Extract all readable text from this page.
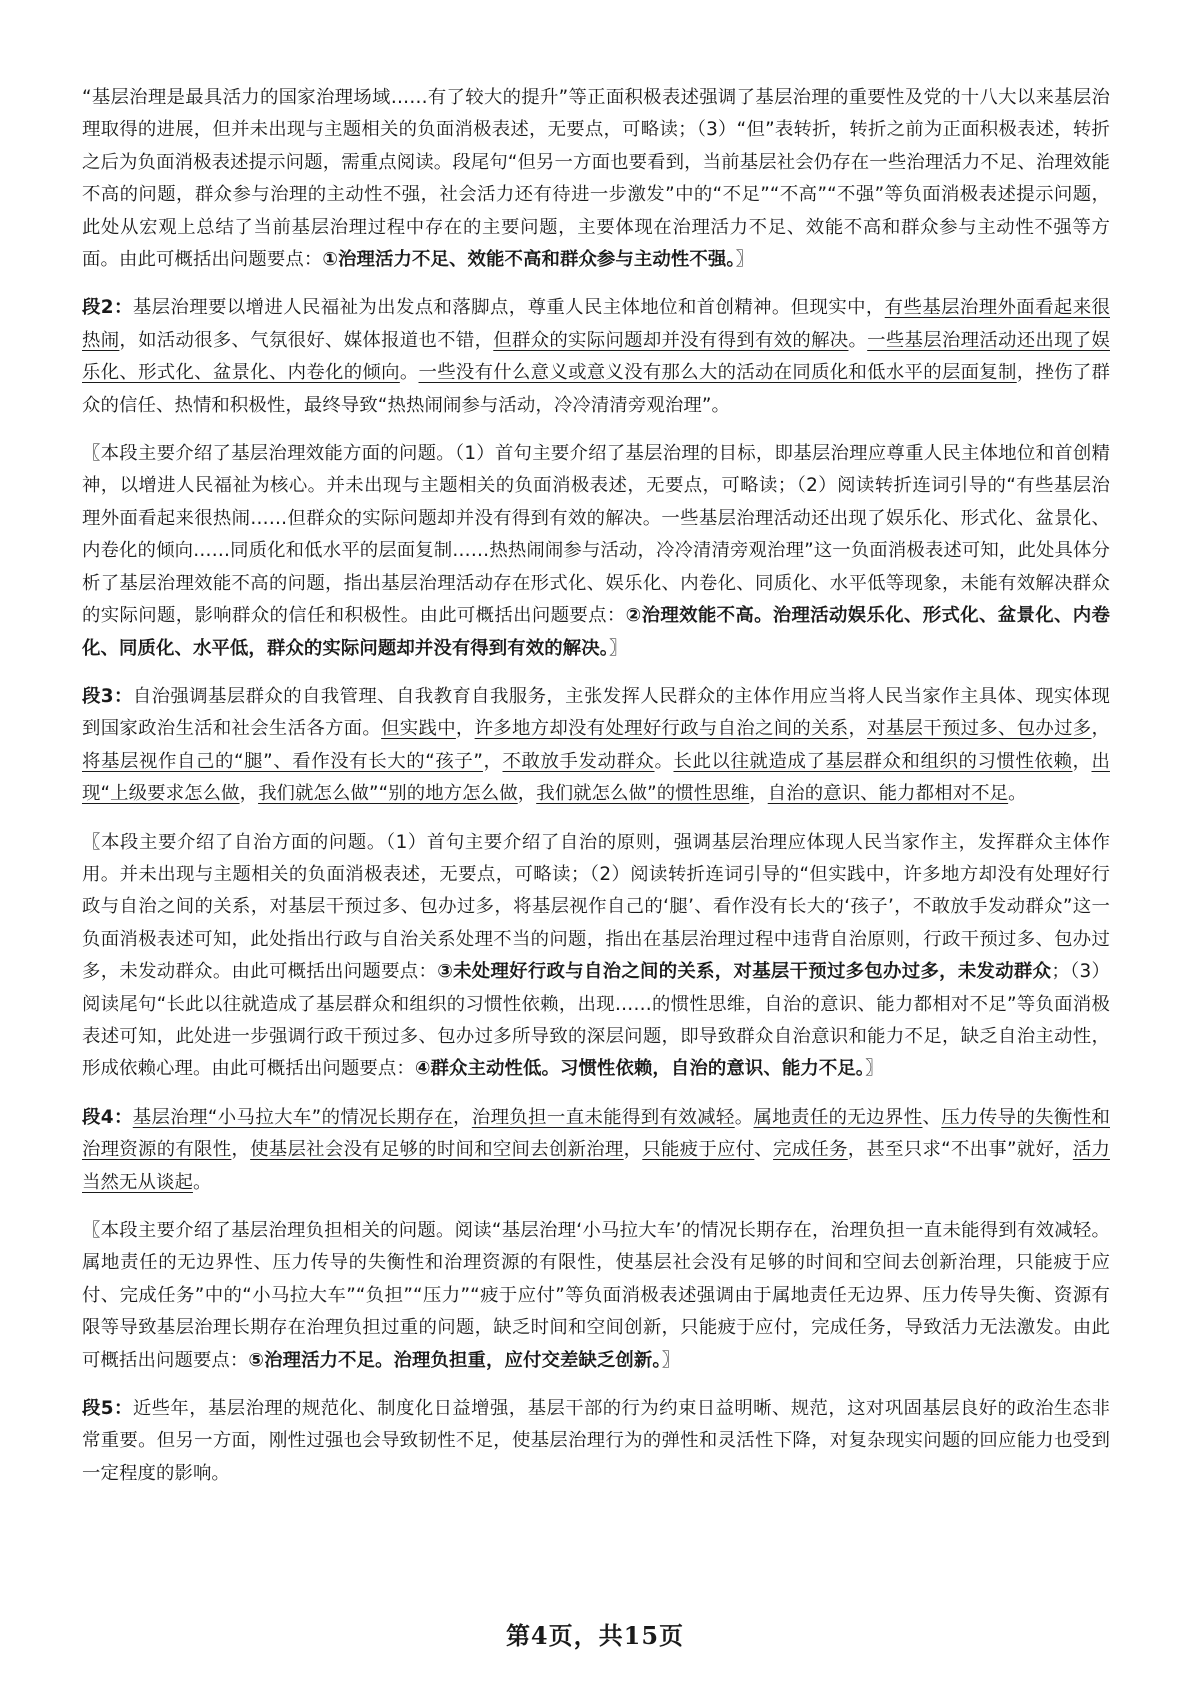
“基层治理是最具活力的国家治理场域……有了较大的提升”等正面积极表述强调了基层治理的重要性及党的十八大以来基层治理取得的进展，但并未出现与主题相关的负面消极表述，无要点，可略读；（3）“但”表转折，转折之前为正面积极表述，转折之后为负面消极表述提示问题，需重点阅读。段尾句“但另一方面也要看到，当前基层社会仍存在一些治理活力不足、治理效能不高的问题，群众参与治理的主动性不强，社会活力还有待进一步激发”中的“不足”“不高”“不强”等负面消极表述提示问题，此处从宏观上总结了当前基层治理过程中存在的主要问题，主要体现在治理活力不足、效能不高和群众参与主动性不强等方面。由此可概括出问题要点：①治理活力不足、效能不高和群众参与主动性不强。〗

段2：基层治理要以增进人民福祉为出发点和落脚点，尊重人民主体地位和首创精神。但现实中，有些基层治理外面看起来很热闹，如活动很多、气氛很好、媒体报道也不错，但群众的实际问题却并没有得到有效的解决。一些基层治理活动还出现了娱乐化、形式化、盆景化、内卷化的倾向。一些没有什么意义或意义没有那么大的活动在同质化和低水平的层面复制，挫伤了群众的信任、热情和积极性，最终导致“热热闹闹参与活动，冷冷清清旁观治理”。

〖本段主要介绍了基层治理效能方面的问题。（1）首句主要介绍了基层治理的目标，即基层治理应尊重人民主体地位和首创精神，以增进人民福祉为核心。并未出现与主题相关的负面消极表述，无要点，可略读；（2）阅读转折连词引导的“有些基层治理外面看起来很热闹……但群众的实际问题却并没有得到有效的解决。一些基层治理活动还出现了娱乐化、形式化、盆景化、内卷化的倾向……同质化和低水平的层面复制……热热闹闹参与活动，冷冷清清旁观治理”这一负面消极表述可知，此处具体分析了基层治理效能不高的问题，指出基层治理活动存在形式化、娱乐化、内卷化、同质化、水平低等现象，未能有效解决群众的实际问题，影响群众的信任和积极性。由此可概括出问题要点：②治理效能不高。治理活动娱乐化、形式化、盆景化、内卷化、同质化、水平低，群众的实际问题却并没有得到有效的解决。〗

段3：自治强调基层群众的自我管理、自我教育自我服务，主张发挥人民群众的主体作用应当将人民当家作主具体、现实体现到国家政治生活和社会生活各方面。但实践中，许多地方却没有处理好行政与自治之间的关系，对基层干预过多、包办过多，将基层视作自己的“腿”、看作没有长大的“孩子”，不敢放手发动群众。长此以往就造成了基层群众和组织的习惯性依赖，出现“上级要求怎么做，我们就怎么做”“别的地方怎么做，我们就怎么做”的惯性思维，自治的意识、能力都相对不足。

〖本段主要介绍了自治方面的问题。（1）首句主要介绍了自治的原则，强调基层治理应体现人民当家作主，发挥群众主体作用。并未出现与主题相关的负面消极表述，无要点，可略读；（2）阅读转折连词引导的“但实践中，许多地方却没有处理好行政与自治之间的关系，对基层干预过多、包办过多，将基层视作自己的‘腿’、看作没有长大的‘孩子’，不敢放手发动群众”这一负面消极表述可知，此处指出行政与自治关系处理不当的问题，指出在基层治理过程中违背自治原则，行政干预过多、包办过多，未发动群众。由此可概括出问题要点：③未处理好行政与自治之间的关系，对基层干预过多包办过多，未发动群众；（3）阅读尾句“长此以往就造成了基层群众和组织的习惯性依赖，出现……的惯性思维，自治的意识、能力都相对不足”等负面消极表述可知，此处进一步强调行政干预过多、包办过多所导致的深层问题，即导致群众自治意识和能力不足，缺乏自治主动性，形成依赖心理。由此可概括出问题要点：④群众主动性低。习惯性依赖，自治的意识、能力不足。〗

段4：基层治理“小马拉大车”的情况长期存在，治理负担一直未能得到有效减轻。属地责任的无边界性、压力传导的失衡性和治理资源的有限性，使基层社会没有足够的时间和空间去创新治理，只能疲于应付、完成任务，甚至只求“不出事”就好，活力当然无从谈起。

〖本段主要介绍了基层治理负担相关的问题。阅读“基层治理‘小马拉大车’的情况长期存在，治理负担一直未能得到有效减轻。属地责任的无边界性、压力传导的失衡性和治理资源的有限性，使基层社会没有足够的时间和空间去创新治理，只能疲于应付、完成任务”中的“小马拉大车”“负担”“压力”“疲于应付”等负面消极表述强调由于属地责任无边界、压力传导失衡、资源有限等导致基层治理长期存在治理负担过重的问题，缺乏时间和空间创新，只能疲于应付，完成任务，导致活力无法激发。由此可概括出问题要点：⑤治理活力不足。治理负担重，应付交差缺乏创新。〗

段5：近些年，基层治理的规范化、制度化日益增强，基层干部的行为约束日益明晰、规范，这对巩固基层良好的政治生态非常重要。但另一方面，刚性过强也会导致韧性不足，使基层治理行为的弹性和灵活性下降，对复杂现实问题的回应能力也受到一定程度的影响。

第4页，共15页
